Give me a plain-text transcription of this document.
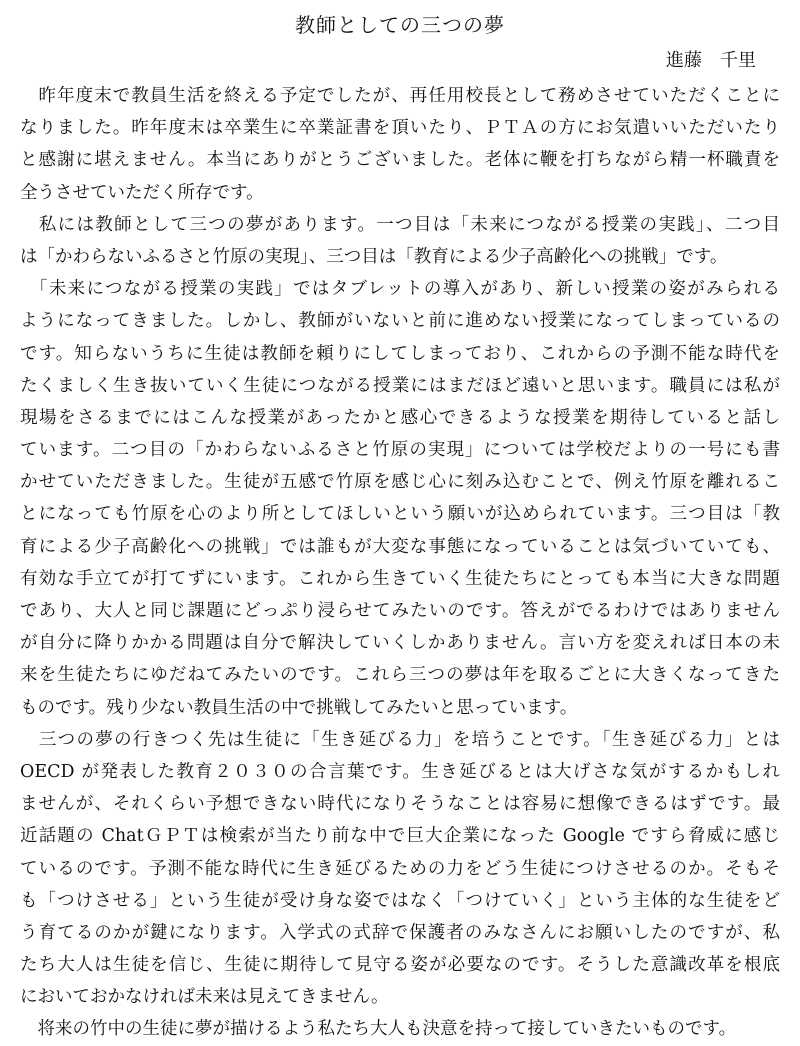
教師としての三つの夢
進藤　千里
　昨年度末で教員生活を終える予定でしたが、再任用校長として務めさせていただくことに
なりました。昨年度末は卒業生に卒業証書を頂いたり、ＰＴＡの方にお気遣いいただいたり
と感謝に堪えません。本当にありがとうございました。老体に鞭を打ちながら精一杯職責を
全うさせていただく所存です。
　私には教師として三つの夢があります。一つ目は「未来につながる授業の実践」、二つ目
は「かわらないふるさと竹原の実現」、三つ目は「教育による少子高齢化への挑戦」です。
　「未来につながる授業の実践」ではタブレットの導入があり、新しい授業の姿がみられる
ようになってきました。しかし、教師がいないと前に進めない授業になってしまっているの
です。知らないうちに生徒は教師を頼りにしてしまっており、これからの予測不能な時代を
たくましく生き抜いていく生徒につながる授業にはまだほど遠いと思います。職員には私が
現場をさるまでにはこんな授業があったかと感心できるような授業を期待していると話し
ています。二つ目の「かわらないふるさと竹原の実現」については学校だよりの一号にも書
かせていただきました。生徒が五感で竹原を感じ心に刻み込むことで、例え竹原を離れるこ
とになっても竹原を心のより所としてほしいという願いが込められています。三つ目は「教
育による少子高齢化への挑戦」では誰もが大変な事態になっていることは気づいていても、
有効な手立てが打てずにいます。これから生きていく生徒たちにとっても本当に大きな問題
であり、大人と同じ課題にどっぷり浸らせてみたいのです。答えがでるわけではありません
が自分に降りかかる問題は自分で解決していくしかありません。言い方を変えれば日本の未
来を生徒たちにゆだねてみたいのです。これら三つの夢は年を取るごとに大きくなってきた
ものです。残り少ない教員生活の中で挑戦してみたいと思っています。
　三つの夢の行きつく先は生徒に「生き延びる力」を培うことです。「生き延びる力」とは
OECD が発表した教育２０３０の合言葉です。生き延びるとは大げさな気がするかもしれ
ませんが、それくらい予想できない時代になりそうなことは容易に想像できるはずです。最
近話題の ChatＧＰＴは検索が当たり前な中で巨大企業になった Google ですら脅威に感じ
ているのです。予測不能な時代に生き延びるための力をどう生徒につけさせるのか。そもそ
も「つけさせる」という生徒が受け身な姿ではなく「つけていく」という主体的な生徒をど
う育てるのかが鍵になります。入学式の式辞で保護者のみなさんにお願いしたのですが、私
たち大人は生徒を信じ、生徒に期待して見守る姿が必要なのです。そうした意識改革を根底
においておかなければ未来は見えてきません。
　将来の竹中の生徒に夢が描けるよう私たち大人も決意を持って接していきたいものです。
